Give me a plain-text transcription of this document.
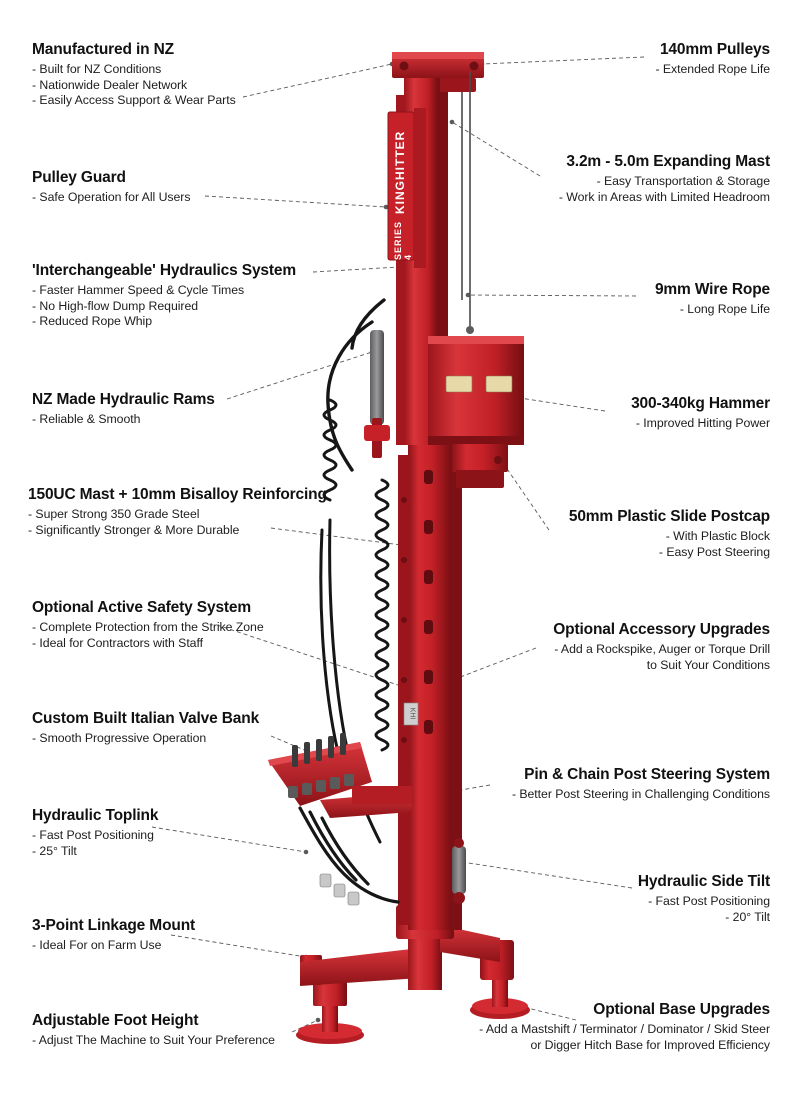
KINGHITTER
SERIES 4
KHI
Manufactured in NZ
- Built for NZ Conditions
- Nationwide Dealer Network
- Easily Access Support & Wear Parts
Pulley Guard
- Safe Operation for All Users
'Interchangeable' Hydraulics System
- Faster Hammer Speed & Cycle Times
- No High-flow Dump Required
- Reduced Rope Whip
NZ Made Hydraulic Rams
- Reliable & Smooth
150UC Mast + 10mm Bisalloy Reinforcing
- Super Strong 350 Grade Steel
- Significantly Stronger & More Durable
Optional Active Safety System
- Complete Protection from the Strike Zone
- Ideal for Contractors with Staff
Custom Built Italian Valve Bank
- Smooth Progressive Operation
Hydraulic Toplink
- Fast Post Positioning
- 25° Tilt
3-Point Linkage Mount
- Ideal For on Farm Use
Adjustable Foot Height
- Adjust The Machine to Suit Your Preference
140mm Pulleys
- Extended Rope Life
3.2m - 5.0m Expanding Mast
- Easy Transportation & Storage
- Work in Areas with Limited Headroom
9mm Wire Rope
- Long Rope Life
300-340kg Hammer
- Improved Hitting Power
50mm Plastic Slide Postcap
- With Plastic Block
- Easy Post Steering
Optional Accessory Upgrades
- Add a Rockspike, Auger or Torque Drill
to Suit Your Conditions
Pin & Chain Post Steering System
- Better Post Steering in Challenging Conditions
Hydraulic Side Tilt
- Fast Post Positioning
- 20° Tilt
Optional Base Upgrades
- Add a Mastshift / Terminator / Dominator / Skid Steer
or Digger Hitch Base for Improved Efficiency
